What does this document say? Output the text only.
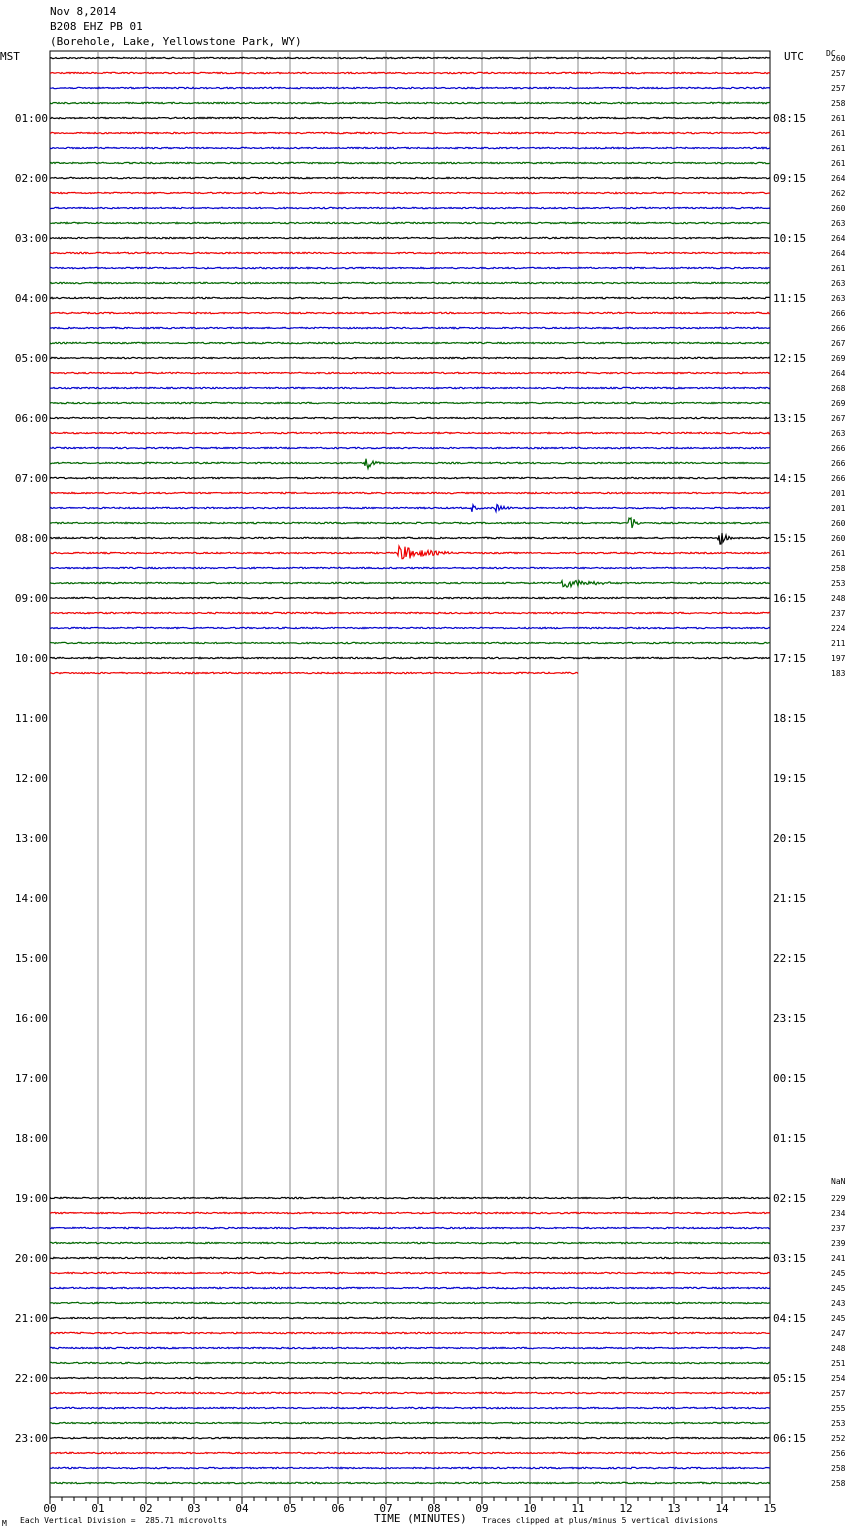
Nov 8,2014
B208 EHZ PB 01
(Borehole, Lake, Yellowstone Park, WY)
MST	UTC	DC
NaN
00	01	02	03	04	05	06	07	08	09	10	11	12	13	14	15
01:00	08:15
02:00	09:15
03:00	10:15
04:00	11:15
05:00	12:15
06:00	13:15
07:00	14:15
08:00	15:15
09:00	16:15
10:00	17:15
11:00	18:15
12:00	19:15
13:00	20:15
14:00	21:15
15:00	22:15
16:00	23:15
17:00	00:15
18:00	01:15
19:00	02:15
20:00	03:15
21:00	04:15
22:00	05:15
23:00	06:15
260
257
257
258
261
261
261
261
264
262
260
263
264
264
261
263
263
266
266
267
269
264
268
269
267
263
266
266
266
201
201
260
260
261
258
253
248
237
224
211
197
183
229
234
237
239
241
245
245
243
245
247
248
251
254
257
255
253
252
256
258
258
M Each Vertical Division =  285.71 microvolts	TIME (MINUTES) Traces clipped at plus/minus 5 vertical divisions
